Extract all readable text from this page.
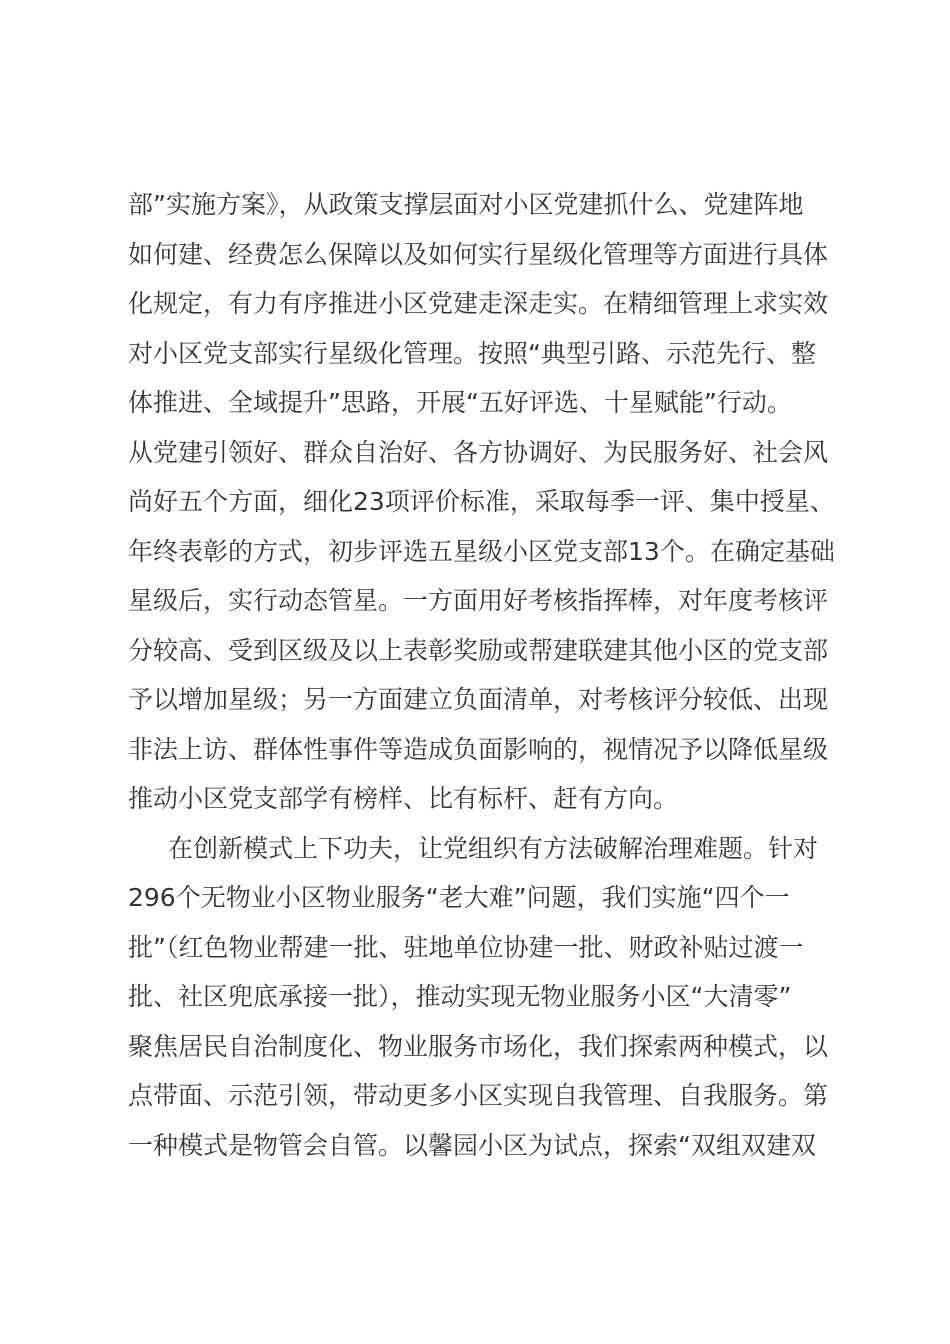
部”实施方案》，从政策支撑层面对小区党建抓什么、党建阵地
如何建、经费怎么保障以及如何实行星级化管理等方面进行具体
化规定，有力有序推进小区党建走深走实。在精细管理上求实效
对小区党支部实行星级化管理。按照“典型引路、示范先行、整
体推进、全域提升”思路，开展“五好评选、十星赋能”行动。
从党建引领好、群众自治好、各方协调好、为民服务好、社会风
尚好五个方面，细化23项评价标准，采取每季一评、集中授星、
年终表彰的方式，初步评选五星级小区党支部13个。在确定基础
星级后，实行动态管星。一方面用好考核指挥棒，对年度考核评
分较高、受到区级及以上表彰奖励或帮建联建其他小区的党支部
予以增加星级；另一方面建立负面清单，对考核评分较低、出现
非法上访、群体性事件等造成负面影响的，视情况予以降低星级
推动小区党支部学有榜样、比有标杆、赶有方向。
在创新模式上下功夫，让党组织有方法破解治理难题。针对
296个无物业小区物业服务“老大难”问题，我们实施“四个一
批”（红色物业帮建一批、驻地单位协建一批、财政补贴过渡一
批、社区兜底承接一批），推动实现无物业服务小区“大清零”
聚焦居民自治制度化、物业服务市场化，我们探索两种模式，以
点带面、示范引领，带动更多小区实现自我管理、自我服务。第
一种模式是物管会自管。以馨园小区为试点，探索“双组双建双
